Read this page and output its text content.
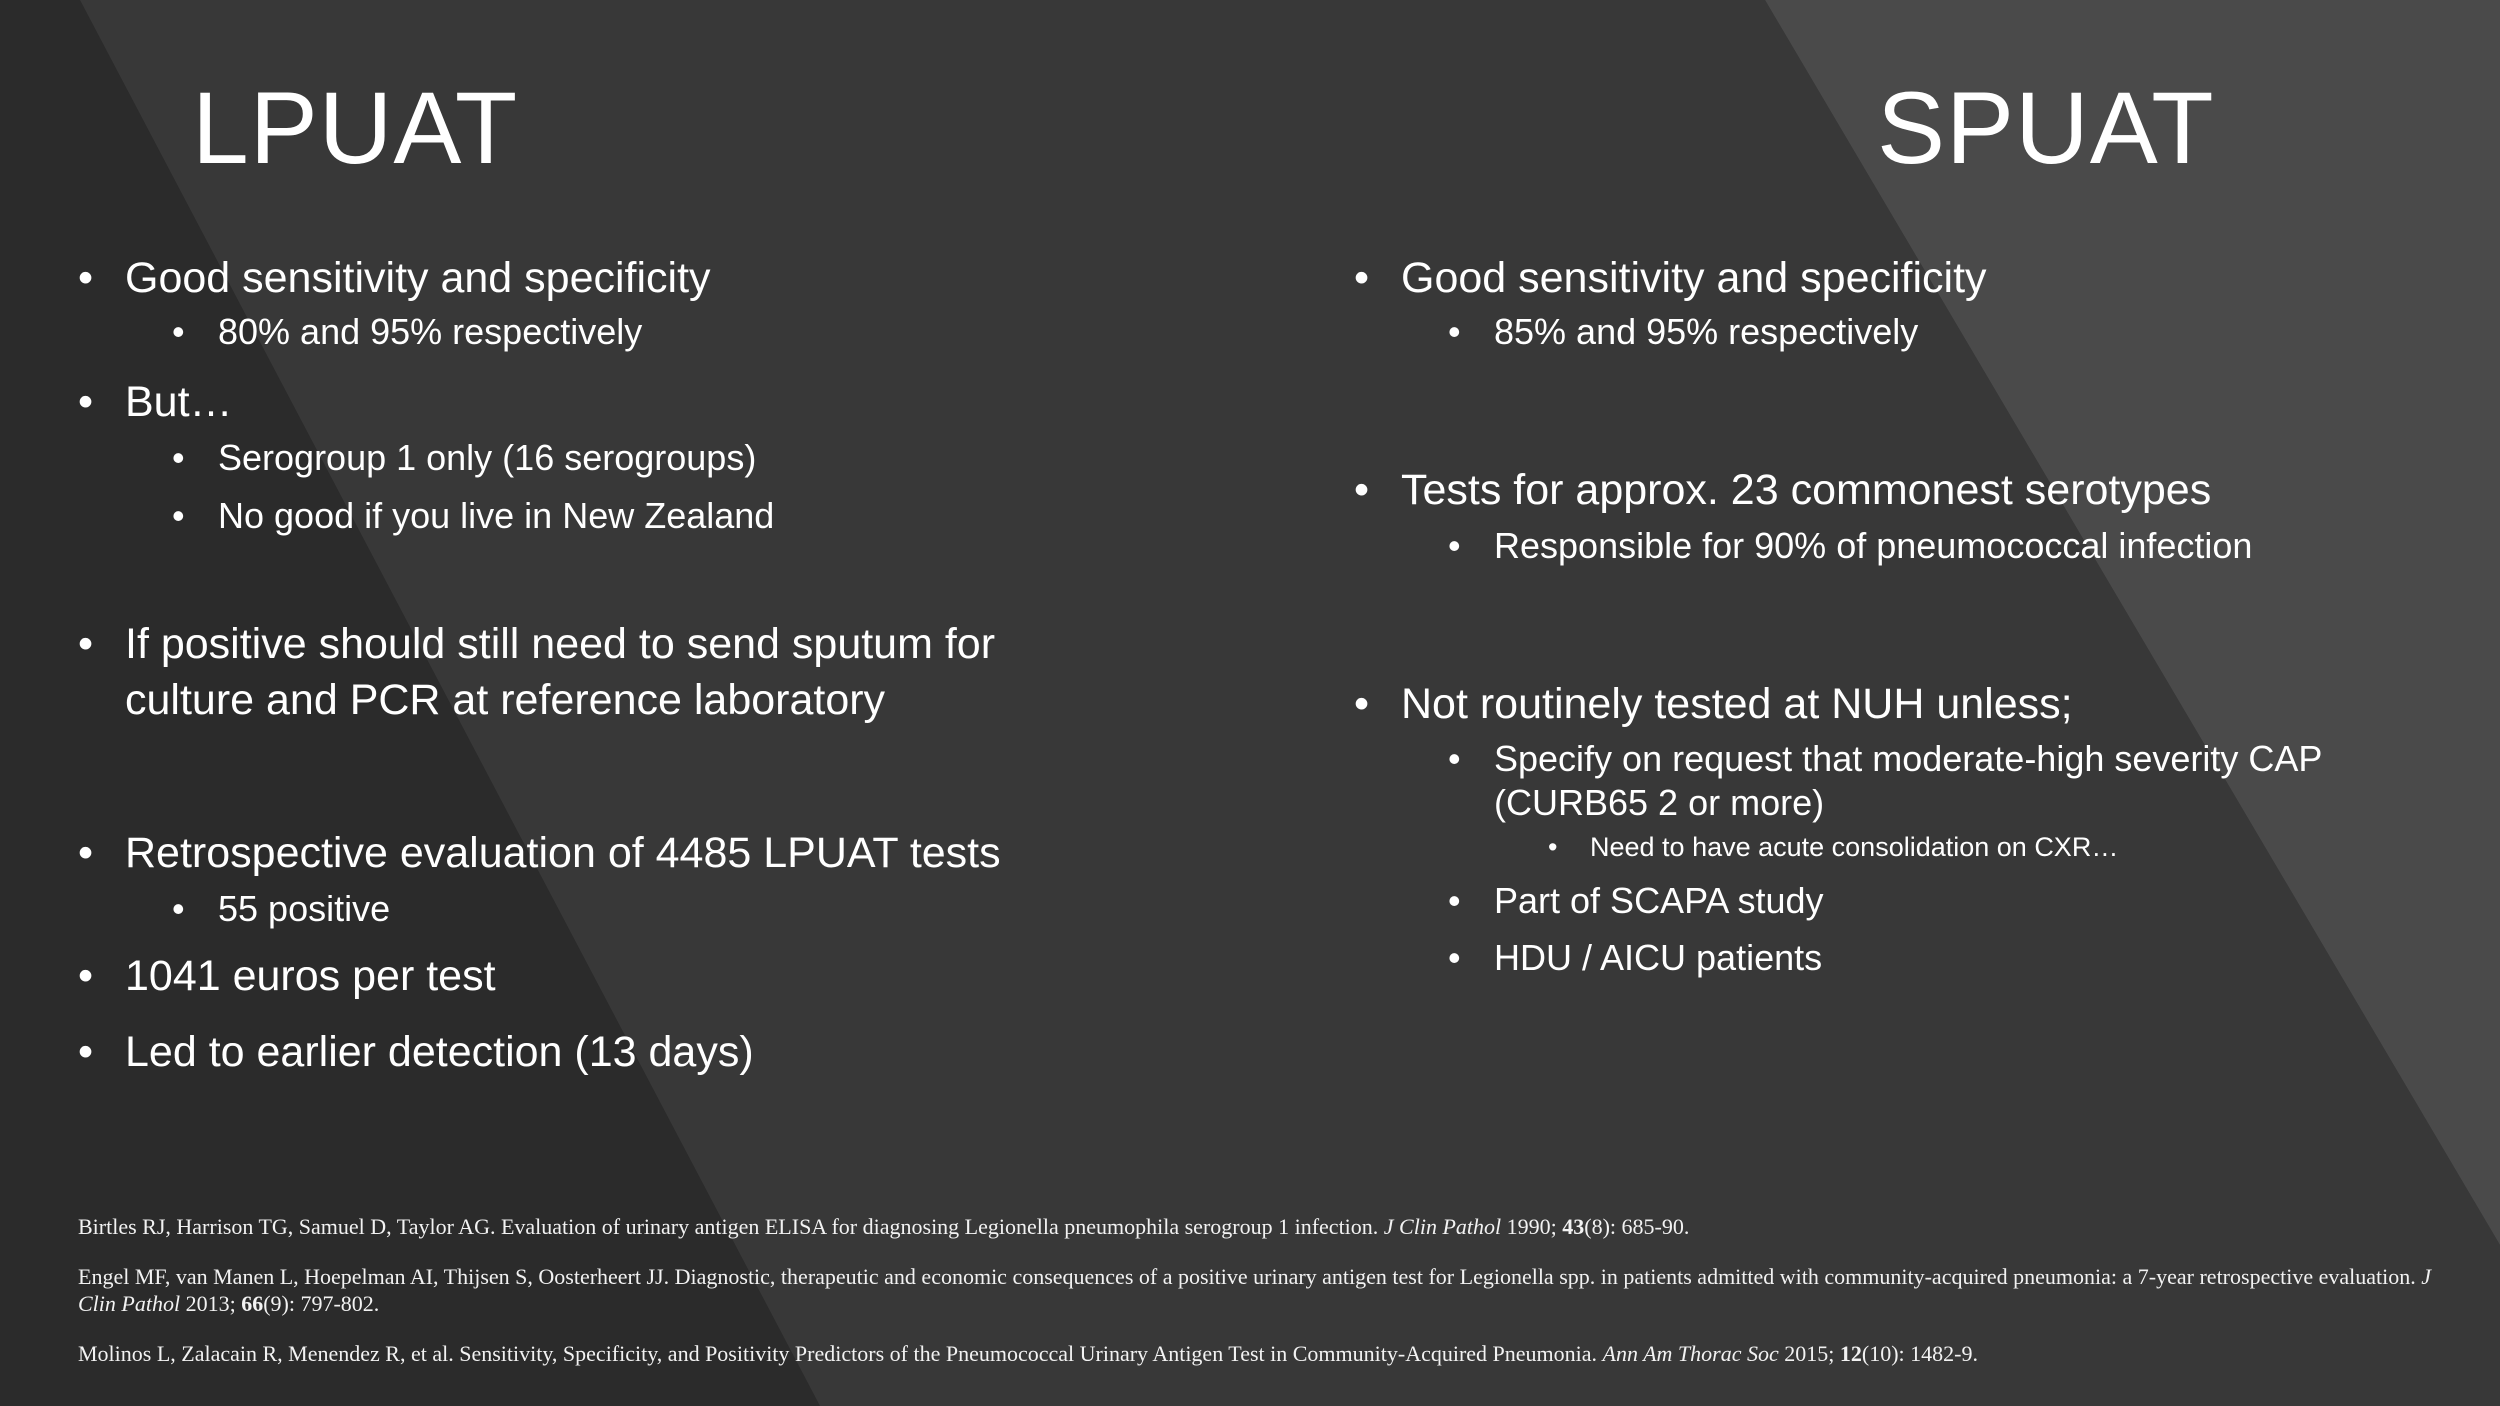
LPUAT	SPUAT
• Good sensitivity and specificity
• 80% and 95% respectively
• But…
• Serogroup 1 only (16 serogroups)
• No good if you live in New Zealand
• If positive should still need to send sputum for culture and PCR at reference laboratory
• Retrospective evaluation of 4485 LPUAT tests
• 55 positive
• 1041 euros per test
• Led to earlier detection (13 days)
• Good sensitivity and specificity
• 85% and 95% respectively
• Tests for approx. 23 commonest serotypes
• Responsible for 90% of pneumococcal infection
• Not routinely tested at NUH unless;
• Specify on request that moderate-high severity CAP (CURB65 2 or more)
• Need to have acute consolidation on CXR…
• Part of SCAPA study
• HDU / AICU patients

Birtles RJ, Harrison TG, Samuel D, Taylor AG. Evaluation of urinary antigen ELISA for diagnosing Legionella pneumophila serogroup 1 infection. J Clin Pathol 1990; 43(8): 685-90.

Engel MF, van Manen L, Hoepelman AI, Thijsen S, Oosterheert JJ. Diagnostic, therapeutic and economic consequences of a positive urinary antigen test for Legionella spp. in patients admitted with community-acquired pneumonia: a 7-year retrospective evaluation. J Clin Pathol 2013; 66(9): 797-802.

Molinos L, Zalacain R, Menendez R, et al. Sensitivity, Specificity, and Positivity Predictors of the Pneumococcal Urinary Antigen Test in Community-Acquired Pneumonia. Ann Am Thorac Soc 2015; 12(10): 1482-9.
